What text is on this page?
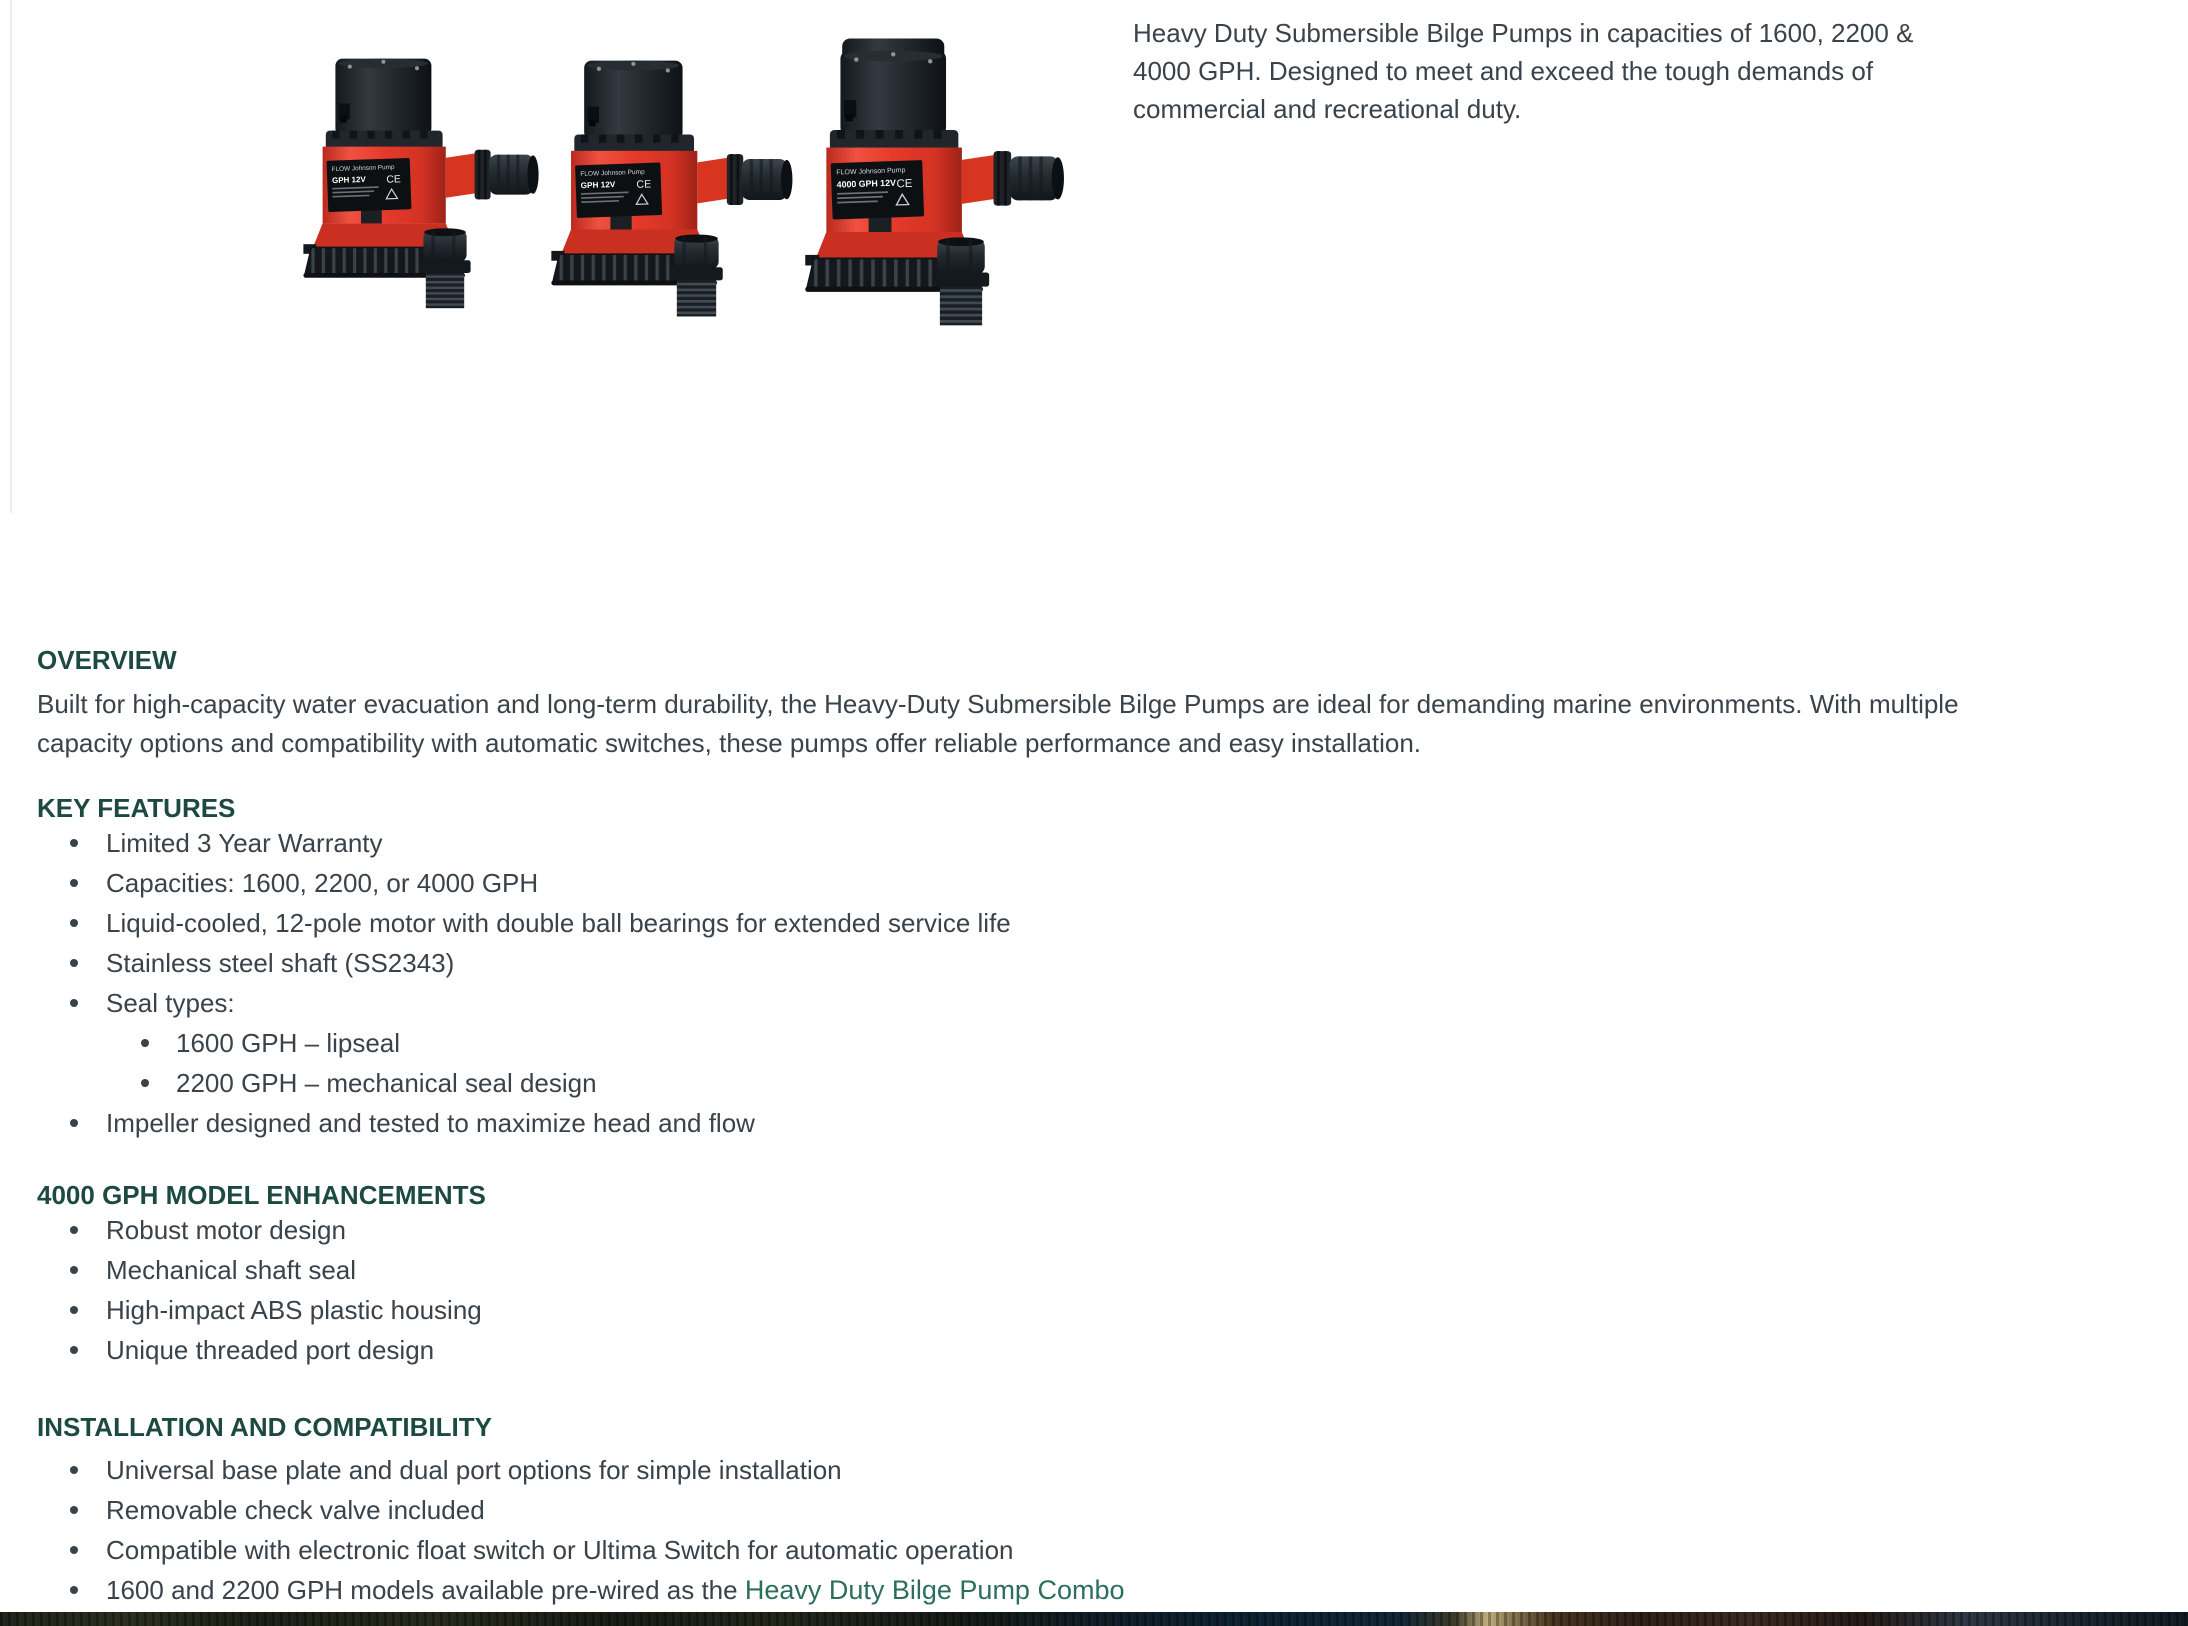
FLOW Johnson Pump
GPH 12V CE
FLOW Johnson Pump
GPH 12V CE
FLOW Johnson Pump
4000 GPH 12V CE
Heavy Duty Submersible Bilge Pumps in capacities of 1600, 2200 &
4000 GPH. Designed to meet and exceed the tough demands of
commercial and recreational duty.
OVERVIEW

Built for high-capacity water evacuation and long-term durability, the Heavy-Duty Submersible Bilge Pumps are ideal for demanding marine environments. With multiple
capacity options and compatibility with automatic switches, these pumps offer reliable performance and easy installation.

KEY FEATURES
Limited 3 Year Warranty
Capacities: 1600, 2200, or 4000 GPH
Liquid-cooled, 12-pole motor with double ball bearings for extended service life
Stainless steel shaft (SS2343)
Seal types:
1600 GPH – lipseal
2200 GPH – mechanical seal design
Impeller designed and tested to maximize head and flow
4000 GPH MODEL ENHANCEMENTS
Robust motor design
Mechanical shaft seal
High-impact ABS plastic housing
Unique threaded port design
INSTALLATION AND COMPATIBILITY
Universal base plate and dual port options for simple installation
Removable check valve included
Compatible with electronic float switch or Ultima Switch for automatic operation
1600 and 2200 GPH models available pre-wired as the Heavy Duty Bilge Pump Combo
